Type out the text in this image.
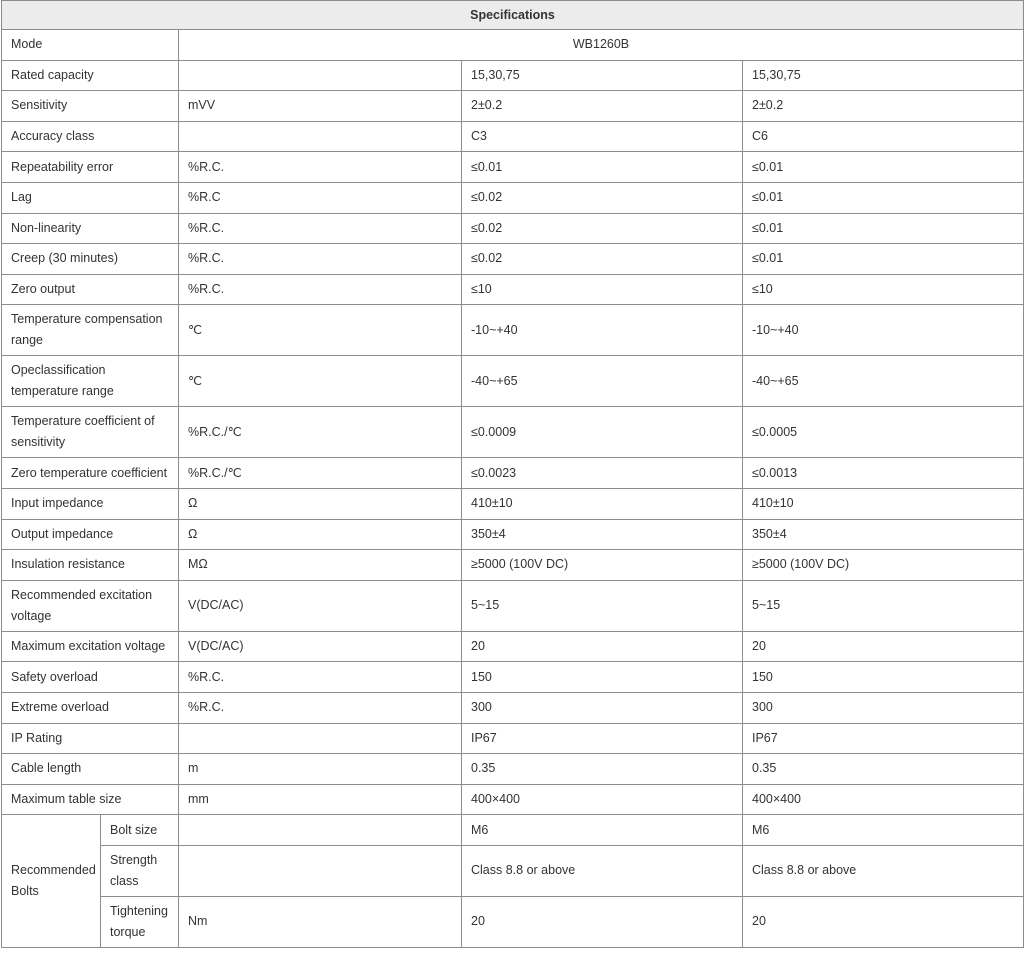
Specifications				
Mode		WB1260B		
Rated capacity			15,30,75	15,30,75
Sensitivity		mVV	2±0.2	2±0.2
Accuracy class			C3	C6
Repeatability error		%R.C.	≤0.01	≤0.01
Lag		%R.C	≤0.02	≤0.01
Non-linearity		%R.C.	≤0.02	≤0.01
Creep (30 minutes)		%R.C.	≤0.02	≤0.01
Zero output		%R.C.	≤10	≤10
Temperature compensation range		℃	-10~+40	-10~+40
Opeclassification temperature range		℃	-40~+65	-40~+65
Temperature coefficient of sensitivity		%R.C./℃	≤0.0009	≤0.0005
Zero temperature coefficient		%R.C./℃	≤0.0023	≤0.0013
Input impedance		Ω	410±10	410±10
Output impedance		Ω	350±4	350±4
Insulation resistance		MΩ	≥5000 (100V DC)	≥5000 (100V DC)
Recommended excitation voltage		V(DC/AC)	5~15	5~15
Maximum excitation voltage		V(DC/AC)	20	20
Safety overload		%R.C.	150	150
Extreme overload		%R.C.	300	300
IP Rating			IP67	IP67
Cable length		m	0.35	0.35
Maximum table size		mm	400×400	400×400
Recommended Bolts	Bolt size		M6	M6
	Strength class		Class 8.8 or above	Class 8.8 or above
	Tightening torque	Nm	20	20
